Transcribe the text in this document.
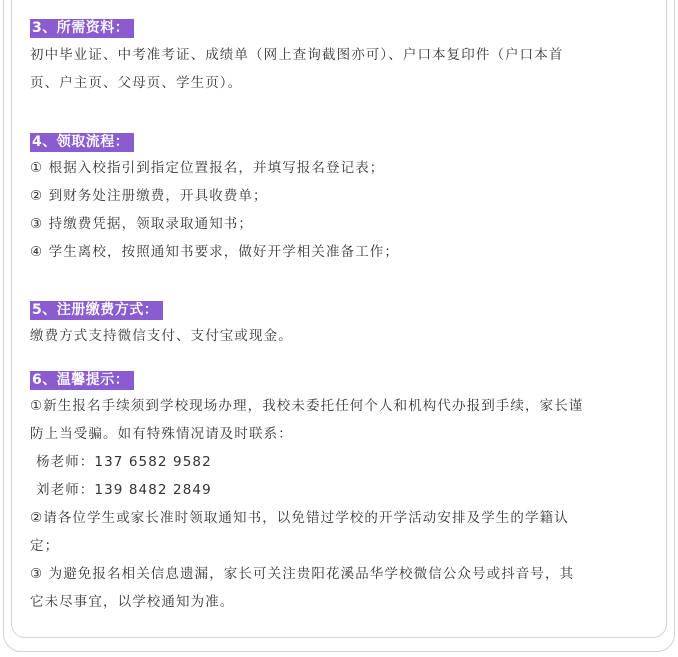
3、所需资料：
初中毕业证、中考准考证、成绩单（网上查询截图亦可）、户口本复印件（户口本首
页、户主页、父母页、学生页）。
4、领取流程：
① 根据入校指引到指定位置报名，并填写报名登记表；
② 到财务处注册缴费，开具收费单；
③ 持缴费凭据，领取录取通知书；
④ 学生离校，按照通知书要求，做好开学相关准备工作；
5、注册缴费方式：
缴费方式支持微信支付、支付宝或现金。
6、温馨提示：
①新生报名手续须到学校现场办理，我校未委托任何个人和机构代办报到手续，家长谨
防上当受骗。如有特殊情况请及时联系：
杨老师：137 6582 9582
刘老师：139 8482 2849
②请各位学生或家长准时领取通知书，以免错过学校的开学活动安排及学生的学籍认
定；
③ 为避免报名相关信息遗漏，家长可关注贵阳花溪品华学校微信公众号或抖音号，其
它未尽事宜，以学校通知为准。
